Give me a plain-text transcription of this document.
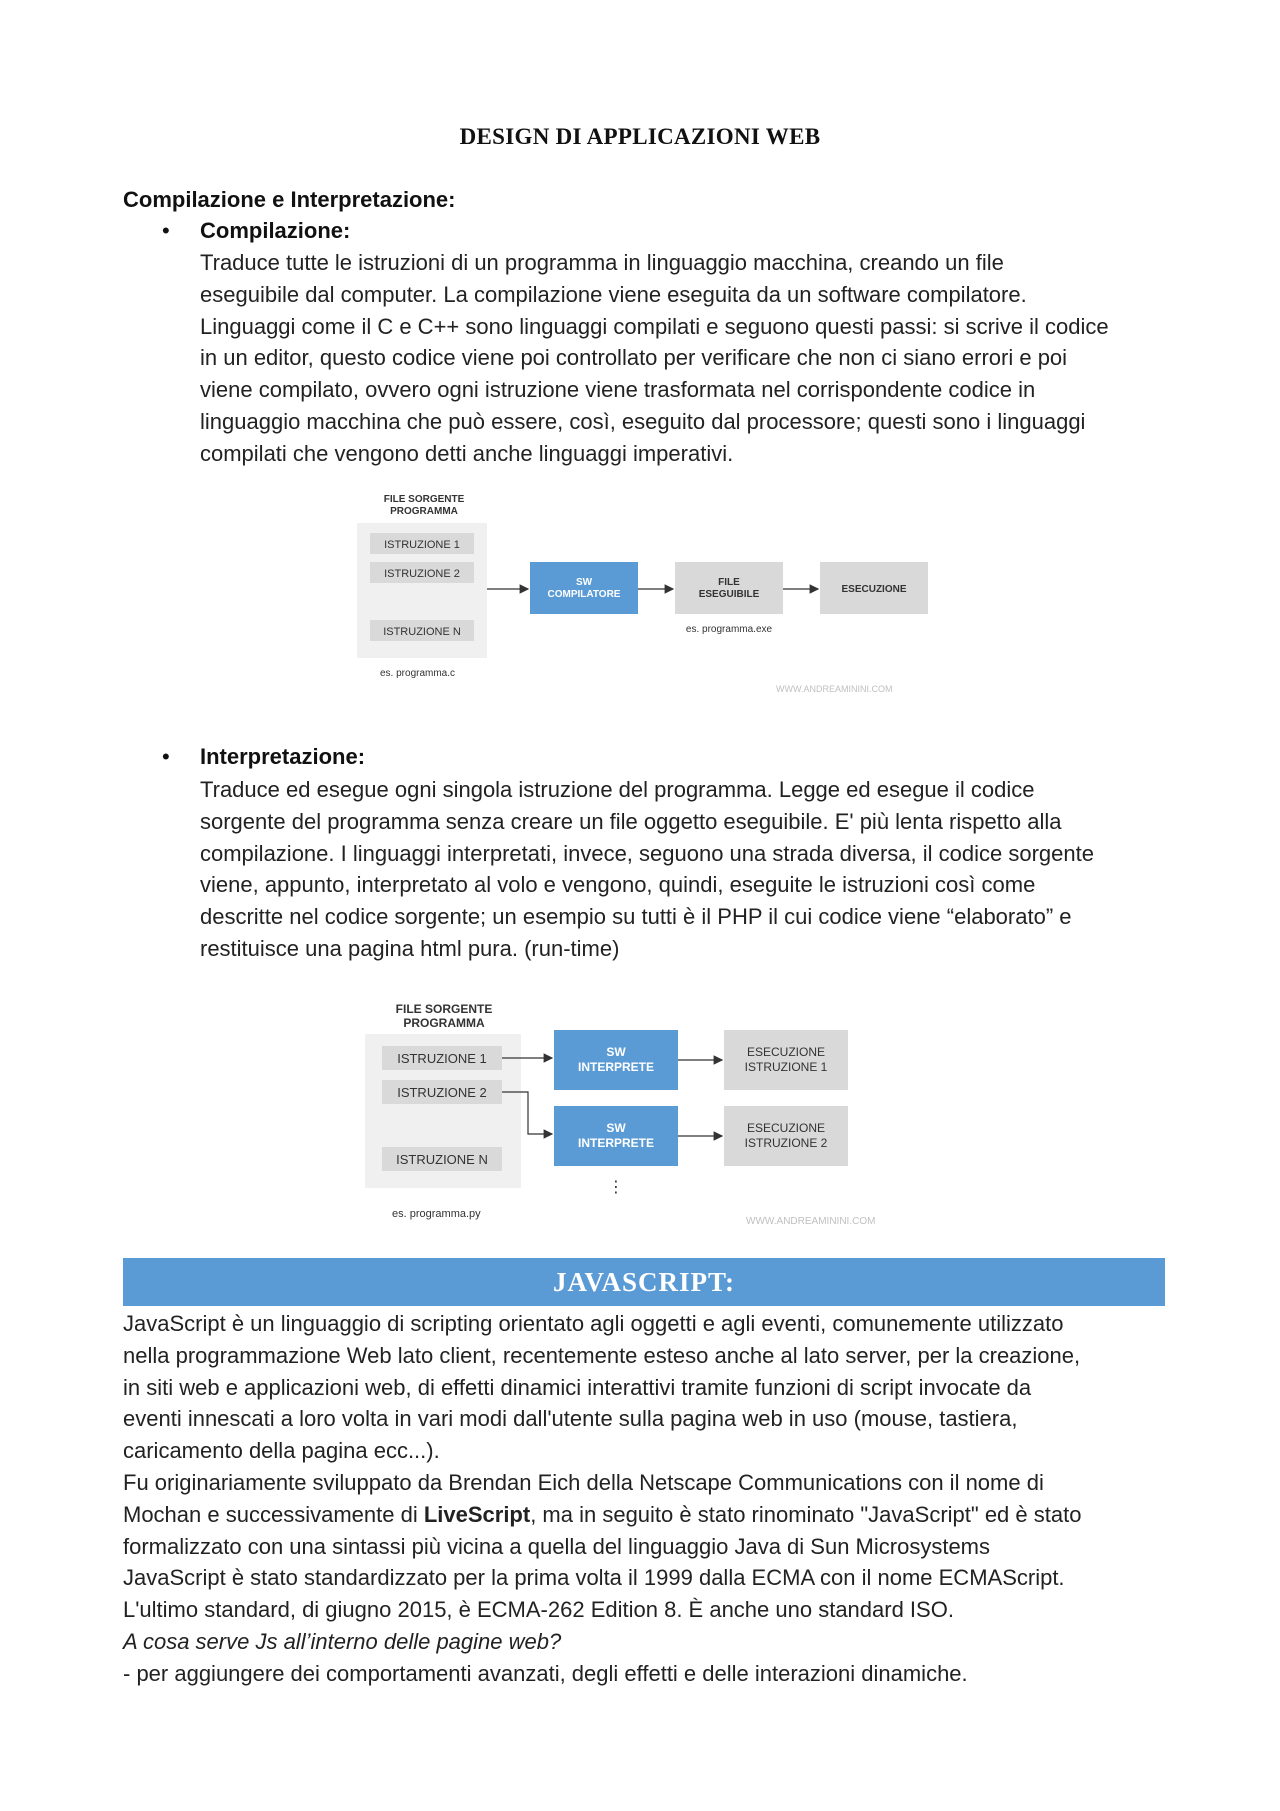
DESIGN DI APPLICAZIONI WEB
Compilazione e Interpretazione:
• Compilazione:

Traduce tutte le istruzioni di un programma in linguaggio macchina, creando un file

eseguibile dal computer. La compilazione viene eseguita da un software compilatore.

Linguaggi come il C e C++ sono linguaggi compilati e seguono questi passi: si scrive il codice

in un editor, questo codice viene poi controllato per verificare che non ci siano errori e poi

viene compilato, ovvero ogni istruzione viene trasformata nel corrispondente codice in

linguaggio macchina che può essere, così, eseguito dal processore; questi sono i linguaggi

compilati che vengono detti anche linguaggi imperativi.

FILE SORGENTE
PROGRAMMA
ISTRUZIONE 1
ISTRUZIONE 2
ISTRUZIONE N
es. programma.c
SW
COMPILATORE
FILE
ESEGUIBILE
es. programma.exe
ESECUZIONE
WWW.ANDREAMININI.COM
• Interpretazione:

Traduce ed esegue ogni singola istruzione del programma. Legge ed esegue il codice

sorgente del programma senza creare un file oggetto eseguibile. E' più lenta rispetto alla

compilazione. I linguaggi interpretati, invece, seguono una strada diversa, il codice sorgente

viene, appunto, interpretato al volo e vengono, quindi, eseguite le istruzioni così come

descritte nel codice sorgente; un esempio su tutti è il PHP il cui codice viene “elaborato” e

restituisce una pagina html pura. (run-time)

FILE SORGENTE
PROGRAMMA
ISTRUZIONE 1
ISTRUZIONE 2
ISTRUZIONE N
es. programma.py
SW
INTERPRETE
SW
INTERPRETE
ESECUZIONE
ISTRUZIONE 1
ESECUZIONE
ISTRUZIONE 2
⋮
WWW.ANDREAMININI.COM
JAVASCRIPT:

JavaScript è un linguaggio di scripting orientato agli oggetti e agli eventi, comunemente utilizzato

nella programmazione Web lato client, recentemente esteso anche al lato server, per la creazione,

in siti web e applicazioni web, di effetti dinamici interattivi tramite funzioni di script invocate da

eventi innescati a loro volta in vari modi dall'utente sulla pagina web in uso (mouse, tastiera,

caricamento della pagina ecc...).

Fu originariamente sviluppato da Brendan Eich della Netscape Communications con il nome di

Mochan e successivamente di LiveScript, ma in seguito è stato rinominato "JavaScript" ed è stato

formalizzato con una sintassi più vicina a quella del linguaggio Java di Sun Microsystems

JavaScript è stato standardizzato per la prima volta il 1999 dalla ECMA con il nome ECMAScript.

L'ultimo standard, di giugno 2015, è ECMA-262 Edition 8. È anche uno standard ISO.

A cosa serve Js all’interno delle pagine web?

- per aggiungere dei comportamenti avanzati, degli effetti e delle interazioni dinamiche.
